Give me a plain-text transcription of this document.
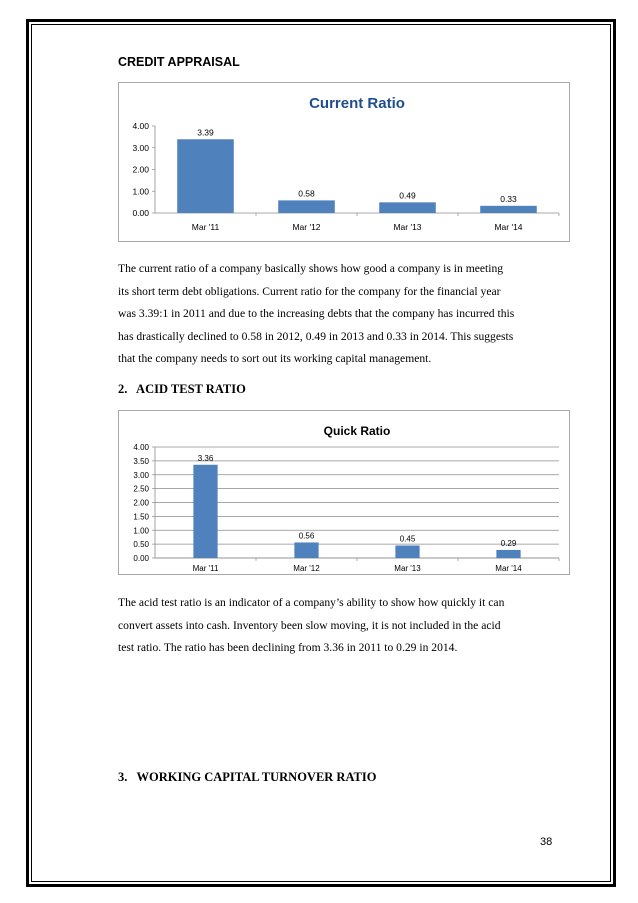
CREDIT APPRAISAL
Current Ratio
0.00
1.00
2.00
3.00
4.00
3.39
Mar '11
0.58
Mar '12
0.49
Mar '13
0.33
Mar '14
The current ratio of a company basically shows how good a company is in meeting
its short term debt obligations. Current ratio for the company for the financial year
was 3.39:1 in 2011 and due to the increasing debts that the company has incurred this
has drastically declined to 0.58 in 2012, 0.49 in 2013 and 0.33 in 2014. This suggests
that the company needs to sort out its working capital management.
2.   ACID TEST RATIO
Quick Ratio
0.00
0.50
1.00
1.50
2.00
2.50
3.00
3.50
4.00
3.36
Mar '11
0.56
Mar '12
0.45
Mar '13
0.29
Mar '14
The acid test ratio is an indicator of a company’s ability to show how quickly it can
convert assets into cash. Inventory been slow moving, it is not included in the acid
test ratio. The ratio has been declining from 3.36 in 2011 to 0.29 in 2014.
3.   WORKING CAPITAL TURNOVER RATIO
38
